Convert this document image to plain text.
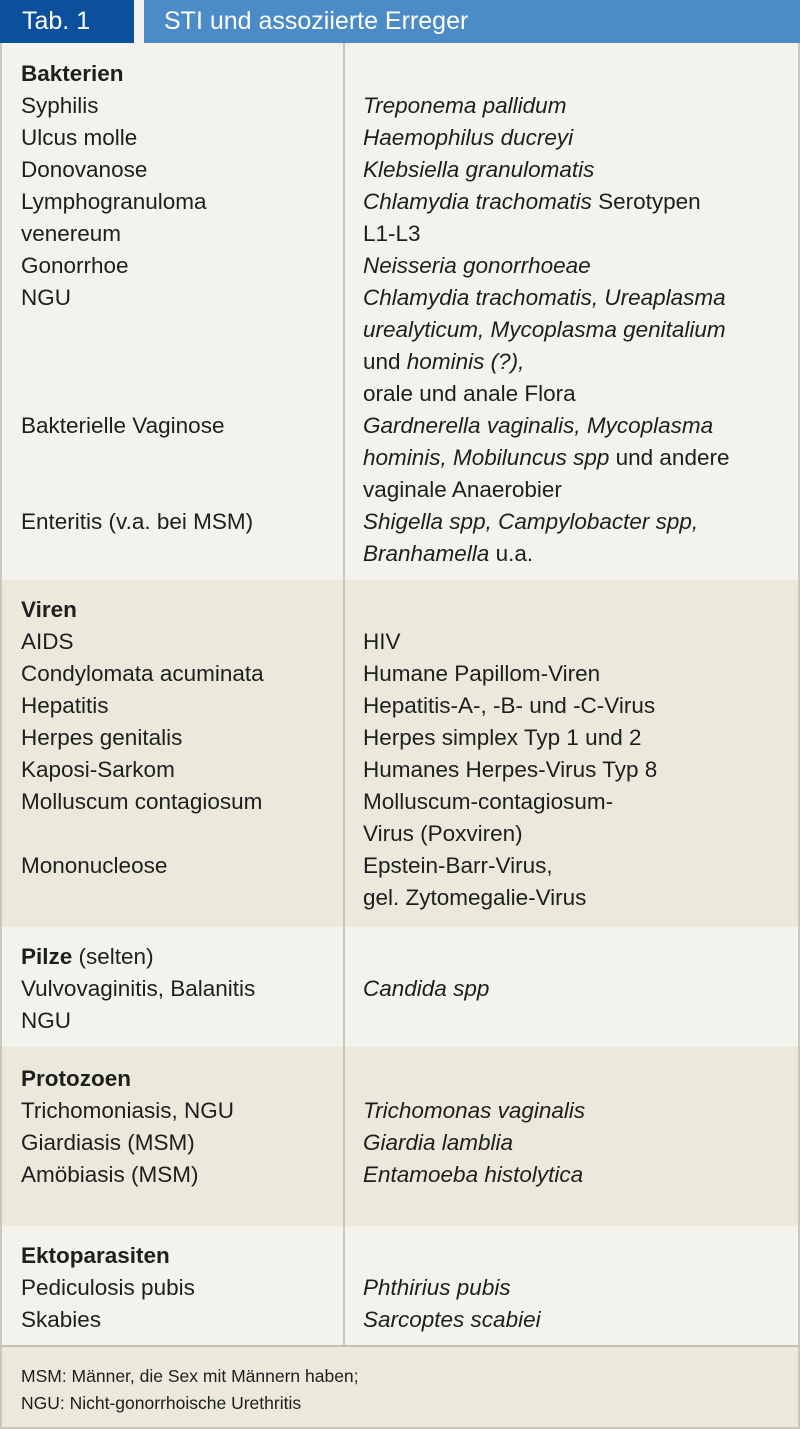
Tab. 1	STI und assoziierte Erreger
Bakterien
Syphilis	Treponema pallidum
Ulcus molle	Haemophilus ducreyi
Donovanose	Klebsiella granulomatis
Lymphogranuloma	Chlamydia trachomatis Serotypen
venereum	L1-L3
Gonorrhoe	Neisseria gonorrhoeae
NGU	Chlamydia trachomatis, Ureaplasma
urealyticum, Mycoplasma genitalium
und hominis (?),
orale und anale Flora
Bakterielle Vaginose	Gardnerella vaginalis, Mycoplasma
hominis, Mobiluncus spp und andere
vaginale Anaerobier
Enteritis (v.a. bei MSM)	Shigella spp, Campylobacter spp,
Branhamella u.a.
Viren
AIDS	HIV
Condylomata acuminata	Humane Papillom-Viren
Hepatitis	Hepatitis-A-, -B- und -C-Virus
Herpes genitalis	Herpes simplex Typ 1 und 2
Kaposi-Sarkom	Humanes Herpes-Virus Typ 8
Molluscum contagiosum	Molluscum-contagiosum-
Virus (Poxviren)
Mononucleose	Epstein-Barr-Virus,
gel. Zytomegalie-Virus
Pilze (selten)
Vulvovaginitis, Balanitis	Candida spp
NGU
Protozoen
Trichomoniasis, NGU	Trichomonas vaginalis
Giardiasis (MSM)	Giardia lamblia
Amöbiasis (MSM)	Entamoeba histolytica
Ektoparasiten
Pediculosis pubis	Phthirius pubis
Skabies	Sarcoptes scabiei
MSM: Männer, die Sex mit Männern haben;
NGU: Nicht-gonorrhoische Urethritis
